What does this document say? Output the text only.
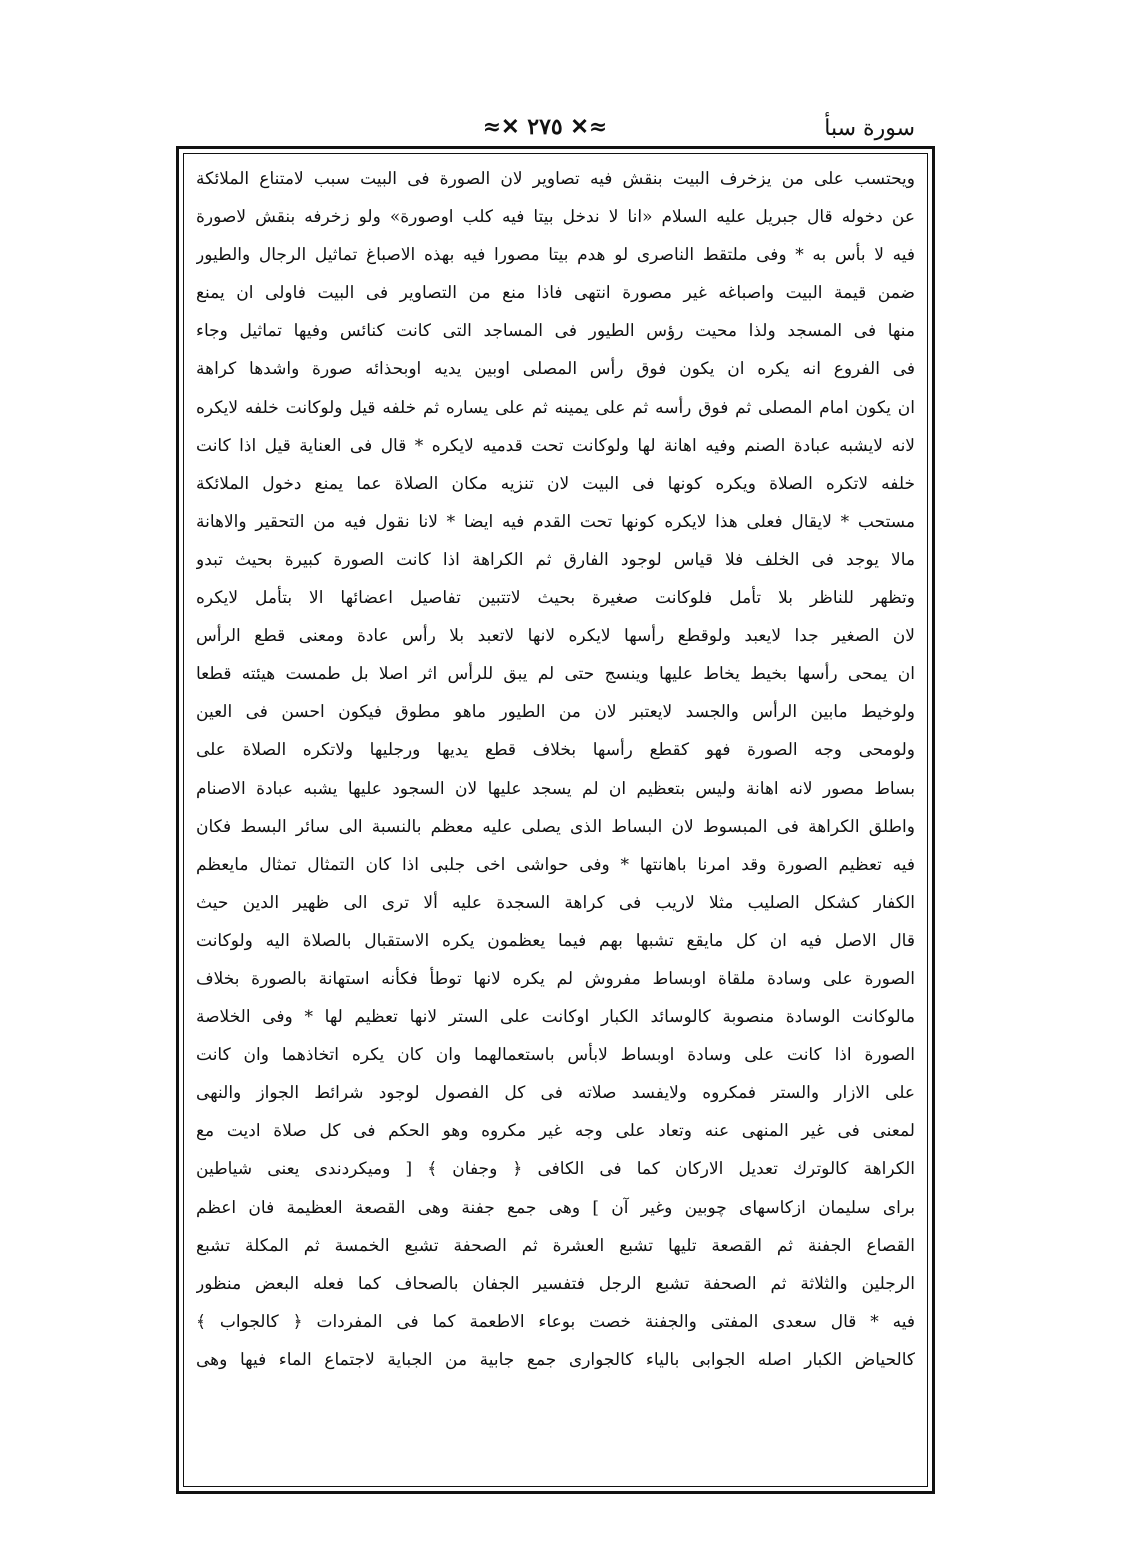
سورة سبأ
≈✕ ٢٧٥ ✕≈
ويحتسب على من يزخرف البيت بنقش فيه تصاوير لان الصورة فى البيت سبب لامتناع الملائكة
عن دخوله قال جبريل عليه السلام «انا لا ندخل بيتا فيه كلب اوصورة» ولو زخرفه بنقش لاصورة
فيه لا بأس به * وفى ملتقط الناصرى لو هدم بيتا مصورا فيه بهذه الاصباغ تماثيل الرجال والطيور
ضمن قيمة البيت واصباغه غير مصورة انتهى فاذا منع من التصاوير فى البيت فاولى ان يمنع
منها فى المسجد ولذا محيت رؤس الطيور فى المساجد التى كانت كنائس وفيها تماثيل وجاء
فى الفروع انه يكره ان يكون فوق رأس المصلى اوبين يديه اوبحذائه صورة واشدها كراهة
ان يكون امام المصلى ثم فوق رأسه ثم على يمينه ثم على يساره ثم خلفه قيل ولوكانت خلفه لايكره
لانه لايشبه عبادة الصنم وفيه اهانة لها ولوكانت تحت قدميه لايكره * قال فى العناية قيل اذا كانت
خلفه لاتكره الصلاة ويكره كونها فى البيت لان تنزيه مكان الصلاة عما يمنع دخول الملائكة
مستحب * لايقال فعلى هذا لايكره كونها تحت القدم فيه ايضا * لانا نقول فيه من التحقير والاهانة
مالا يوجد فى الخلف فلا قياس لوجود الفارق ثم الكراهة اذا كانت الصورة كبيرة بحيث تبدو
وتظهر للناظر بلا تأمل فلوكانت صغيرة بحيث لاتتبين تفاصيل اعضائها الا بتأمل لايكره
لان الصغير جدا لايعبد ولوقطع رأسها لايكره لانها لاتعبد بلا رأس عادة ومعنى قطع الرأس
ان يمحى رأسها بخيط يخاط عليها وينسج حتى لم يبق للرأس اثر اصلا بل طمست هيئته قطعا
ولوخيط مابين الرأس والجسد لايعتبر لان من الطيور ماهو مطوق فيكون احسن فى العين
ولومحى وجه الصورة فهو كقطع رأسها بخلاف قطع يديها ورجليها ولاتكره الصلاة على
بساط مصور لانه اهانة وليس بتعظيم ان لم يسجد عليها لان السجود عليها يشبه عبادة الاصنام
واطلق الكراهة فى المبسوط لان البساط الذى يصلى عليه معظم بالنسبة الى سائر البسط فكان
فيه تعظيم الصورة وقد امرنا باهانتها * وفى حواشى اخى جلبى اذا كان التمثال تمثال مايعظم
الكفار كشكل الصليب مثلا لاريب فى كراهة السجدة عليه ألا ترى الى ظهير الدين حيث
قال الاصل فيه ان كل مايقع تشبها بهم فيما يعظمون يكره الاستقبال بالصلاة اليه ولوكانت
الصورة على وسادة ملقاة اوبساط مفروش لم يكره لانها توطأ فكأنه استهانة بالصورة بخلاف
مالوكانت الوسادة منصوبة كالوسائد الكبار اوكانت على الستر لانها تعظيم لها * وفى الخلاصة
الصورة اذا كانت على وسادة اوبساط لابأس باستعمالهما وان كان يكره اتخاذهما وان كانت
على الازار والستر فمكروه ولايفسد صلاته فى كل الفصول لوجود شرائط الجواز والنهى
لمعنى فى غير المنهى عنه وتعاد على وجه غير مكروه وهو الحكم فى كل صلاة اديت مع
الكراهة كالوترك تعديل الاركان كما فى الكافى ﴿ وجفان ﴾ [ وميكردندى يعنى شياطين
براى سليمان ازكاسهاى چوبين وغير آن ] وهى جمع جفنة وهى القصعة العظيمة فان اعظم
القصاع الجفنة ثم القصعة تليها تشبع العشرة ثم الصحفة تشبع الخمسة ثم المكلة تشبع
الرجلين والثلاثة ثم الصحفة تشبع الرجل فتفسير الجفان بالصحاف كما فعله البعض منظور
فيه * قال سعدى المفتى والجفنة خصت بوعاء الاطعمة كما فى المفردات ﴿ كالجواب ﴾
كالحياض الكبار اصله الجوابى بالياء كالجوارى جمع جابية من الجباية لاجتماع الماء فيها وهى
